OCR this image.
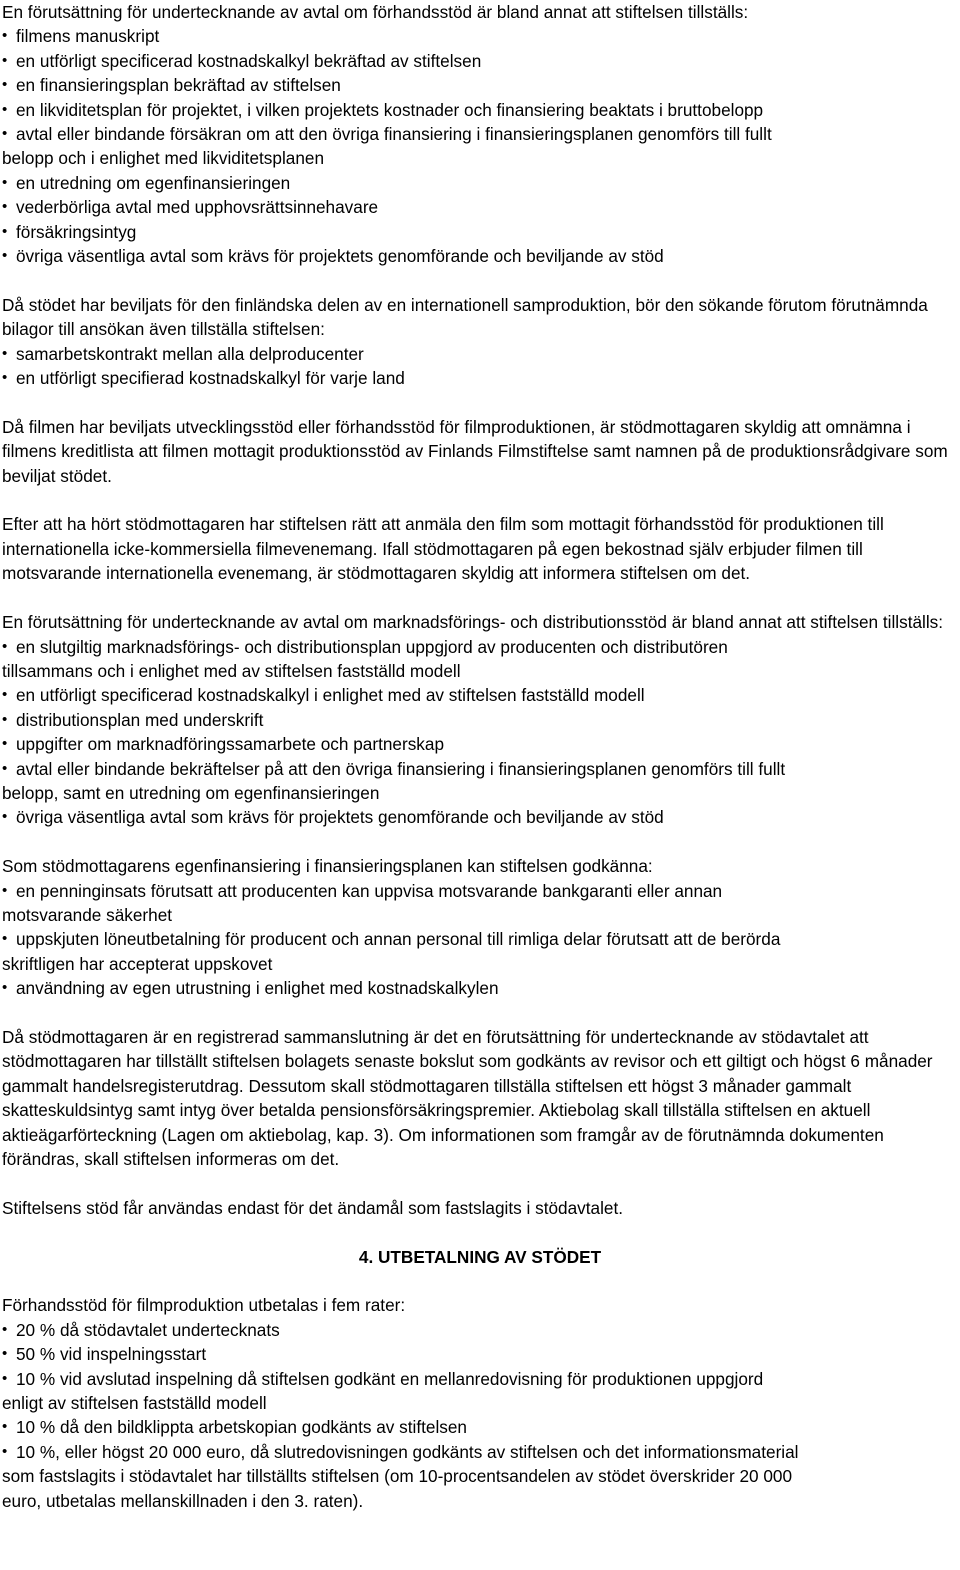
En förutsättning för undertecknande av avtal om förhandsstöd är bland annat att stiftelsen tillställs:

• filmens manuskript
• en utförligt specificerad kostnadskalkyl bekräftad av stiftelsen
• en finansieringsplan bekräftad av stiftelsen
• en likviditetsplan för projektet, i vilken projektets kostnader och finansiering beaktats i bruttobelopp
• avtal eller bindande försäkran om att den övriga finansiering i finansieringsplanen genomförs till fullt

belopp och i enlighet med likviditetsplanen

• en utredning om egenfinansieringen
• vederbörliga avtal med upphovsrättsinnehavare
• försäkringsintyg
• övriga väsentliga avtal som krävs för projektets genomförande och beviljande av stöd

Då stödet har beviljats för den finländska delen av en internationell samproduktion, bör den sökande förutom förutnämnda bilagor till ansökan även tillställa stiftelsen:

• samarbetskontrakt mellan alla delproducenter
• en utförligt specifierad kostnadskalkyl för varje land

Då filmen har beviljats utvecklingsstöd eller förhandsstöd för filmproduktionen, är stödmottagaren skyldig att omnämna i filmens kreditlista att filmen mottagit produktionsstöd av Finlands Filmstiftelse samt namnen på de produktionsrådgivare som beviljat stödet.

Efter att ha hört stödmottagaren har stiftelsen rätt att anmäla den film som mottagit förhandsstöd för produktionen till internationella icke-kommersiella filmevenemang. Ifall stödmottagaren på egen bekostnad själv erbjuder filmen till motsvarande internationella evenemang, är stödmottagaren skyldig att informera stiftelsen om det.

En förutsättning för undertecknande av avtal om marknadsförings- och distributionsstöd är bland annat att stiftelsen tillställs:

• en slutgiltig marknadsförings- och distributionsplan uppgjord av producenten och distributören

tillsammans och i enlighet med av stiftelsen fastställd modell

• en utförligt specificerad kostnadskalkyl i enlighet med av stiftelsen fastställd modell
• distributionsplan med underskrift
• uppgifter om marknadföringssamarbete och partnerskap
• avtal eller bindande bekräftelser på att den övriga finansiering i finansieringsplanen genomförs till fullt

belopp, samt en utredning om egenfinansieringen

• övriga väsentliga avtal som krävs för projektets genomförande och beviljande av stöd

Som stödmottagarens egenfinansiering i finansieringsplanen kan stiftelsen godkänna:

• en penninginsats förutsatt att producenten kan uppvisa motsvarande bankgaranti eller annan

motsvarande säkerhet

• uppskjuten löneutbetalning för producent och annan personal till rimliga delar förutsatt att de berörda

skriftligen har accepterat uppskovet

• användning av egen utrustning i enlighet med kostnadskalkylen

Då stödmottagaren är en registrerad sammanslutning är det en förutsättning för undertecknande av stödavtalet att stödmottagaren har tillställt stiftelsen bolagets senaste bokslut som godkänts av revisor och ett giltigt och högst 6 månader gammalt handelsregisterutdrag. Dessutom skall stödmottagaren tillställa stiftelsen ett högst 3 månader gammalt skatteskuldsintyg samt intyg över betalda pensionsförsäkringspremier. Aktiebolag skall tillställa stiftelsen en aktuell aktieägarförteckning (Lagen om aktiebolag, kap. 3). Om informationen som framgår av de förutnämnda dokumenten förändras, skall stiftelsen informeras om det.

Stiftelsens stöd får användas endast för det ändamål som fastslagits i stödavtalet.

4. UTBETALNING AV STÖDET

Förhandsstöd för filmproduktion utbetalas i fem rater:

• 20 % då stödavtalet undertecknats
• 50 % vid inspelningsstart
• 10 % vid avslutad inspelning då stiftelsen godkänt en mellanredovisning för produktionen uppgjord

enligt av stiftelsen fastställd modell

• 10 % då den bildklippta arbetskopian godkänts av stiftelsen
• 10 %, eller högst 20 000 euro, då slutredovisningen godkänts av stiftelsen och det informationsmaterial

som fastslagits i stödavtalet har tillställts stiftelsen (om 10-procentsandelen av stödet överskrider 20 000

euro, utbetalas mellanskillnaden i den 3. raten).
